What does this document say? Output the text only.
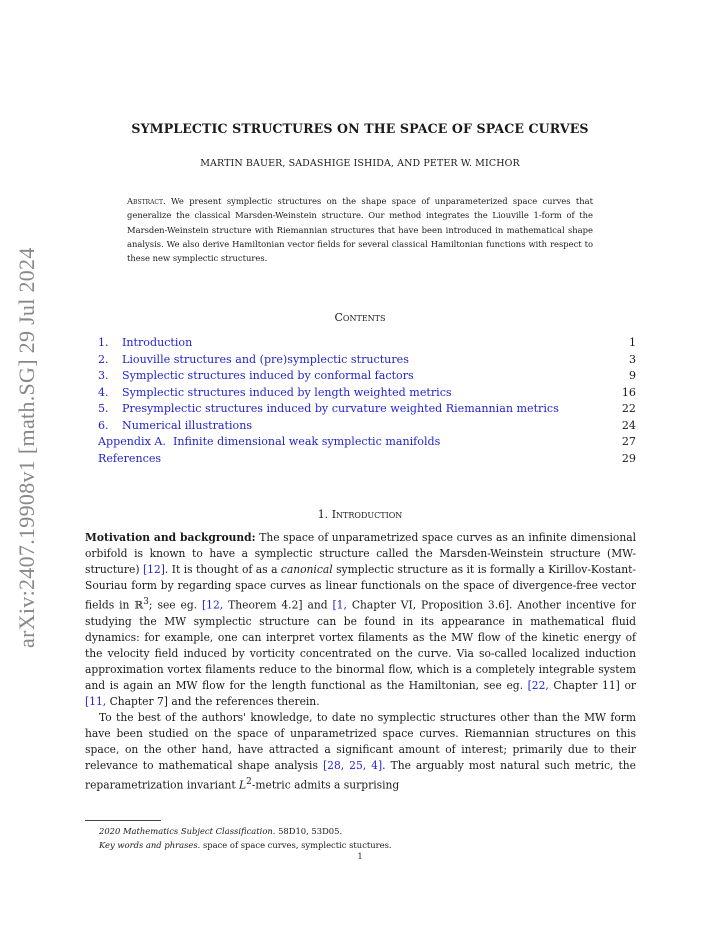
arXiv:2407.19908v1 [math.SG] 29 Jul 2024
SYMPLECTIC STRUCTURES ON THE SPACE OF SPACE CURVES
MARTIN BAUER, SADASHIGE ISHIDA, AND PETER W. MICHOR
Abstract. We present symplectic structures on the shape space of unparameterized space curves that generalize the classical Marsden-Weinstein structure. Our method integrates the Liouville 1-form of the Marsden-Weinstein structure with Riemannian structures that have been introduced in mathematical shape analysis. We also derive Hamiltonian vector fields for several classical Hamiltonian functions with respect to these new symplectic structures.
Contents
1. Introduction	1
2. Liouville structures and (pre)symplectic structures	3
3. Symplectic structures induced by conformal factors	9
4. Symplectic structures induced by length weighted metrics	16
5. Presymplectic structures induced by curvature weighted Riemannian metrics	22
6. Numerical illustrations	24
Appendix A. Infinite dimensional weak symplectic manifolds	27
References	29
1. Introduction

Motivation and background: The space of unparametrized space curves as an infinite dimensional orbifold is known to have a symplectic structure called the Marsden-Weinstein structure (MW-structure) [12]. It is thought of as a canonical symplectic structure as it is formally a Kirillov-Kostant-Souriau form by regarding space curves as linear functionals on the space of divergence-free vector fields in ℝ$^3$; see eg. [12, Theorem 4.2] and [1, Chapter VI, Proposition 3.6]. Another incentive for studying the MW symplectic structure can be found in its appearance in mathematical fluid dynamics: for example, one can interpret vortex filaments as the MW flow of the kinetic energy of the velocity field induced by vorticity concentrated on the curve. Via so-called localized induction approximation vortex filaments reduce to the binormal flow, which is a completely integrable system and is again an MW flow for the length functional as the Hamiltonian, see eg. [22, Chapter 11] or [11, Chapter 7] and the references therein.

To the best of the authors' knowledge, to date no symplectic structures other than the MW form have been studied on the space of unparametrized space curves. Riemannian structures on this space, on the other hand, have attracted a significant amount of interest; primarily due to their relevance to mathematical shape analysis [28, 25, 4]. The arguably most natural such metric, the reparametrization invariant $L^2$-metric admits a surprising

2020 Mathematics Subject Classification. 58D10, 53D05.
Key words and phrases. space of space curves, symplectic stuctures.
1
